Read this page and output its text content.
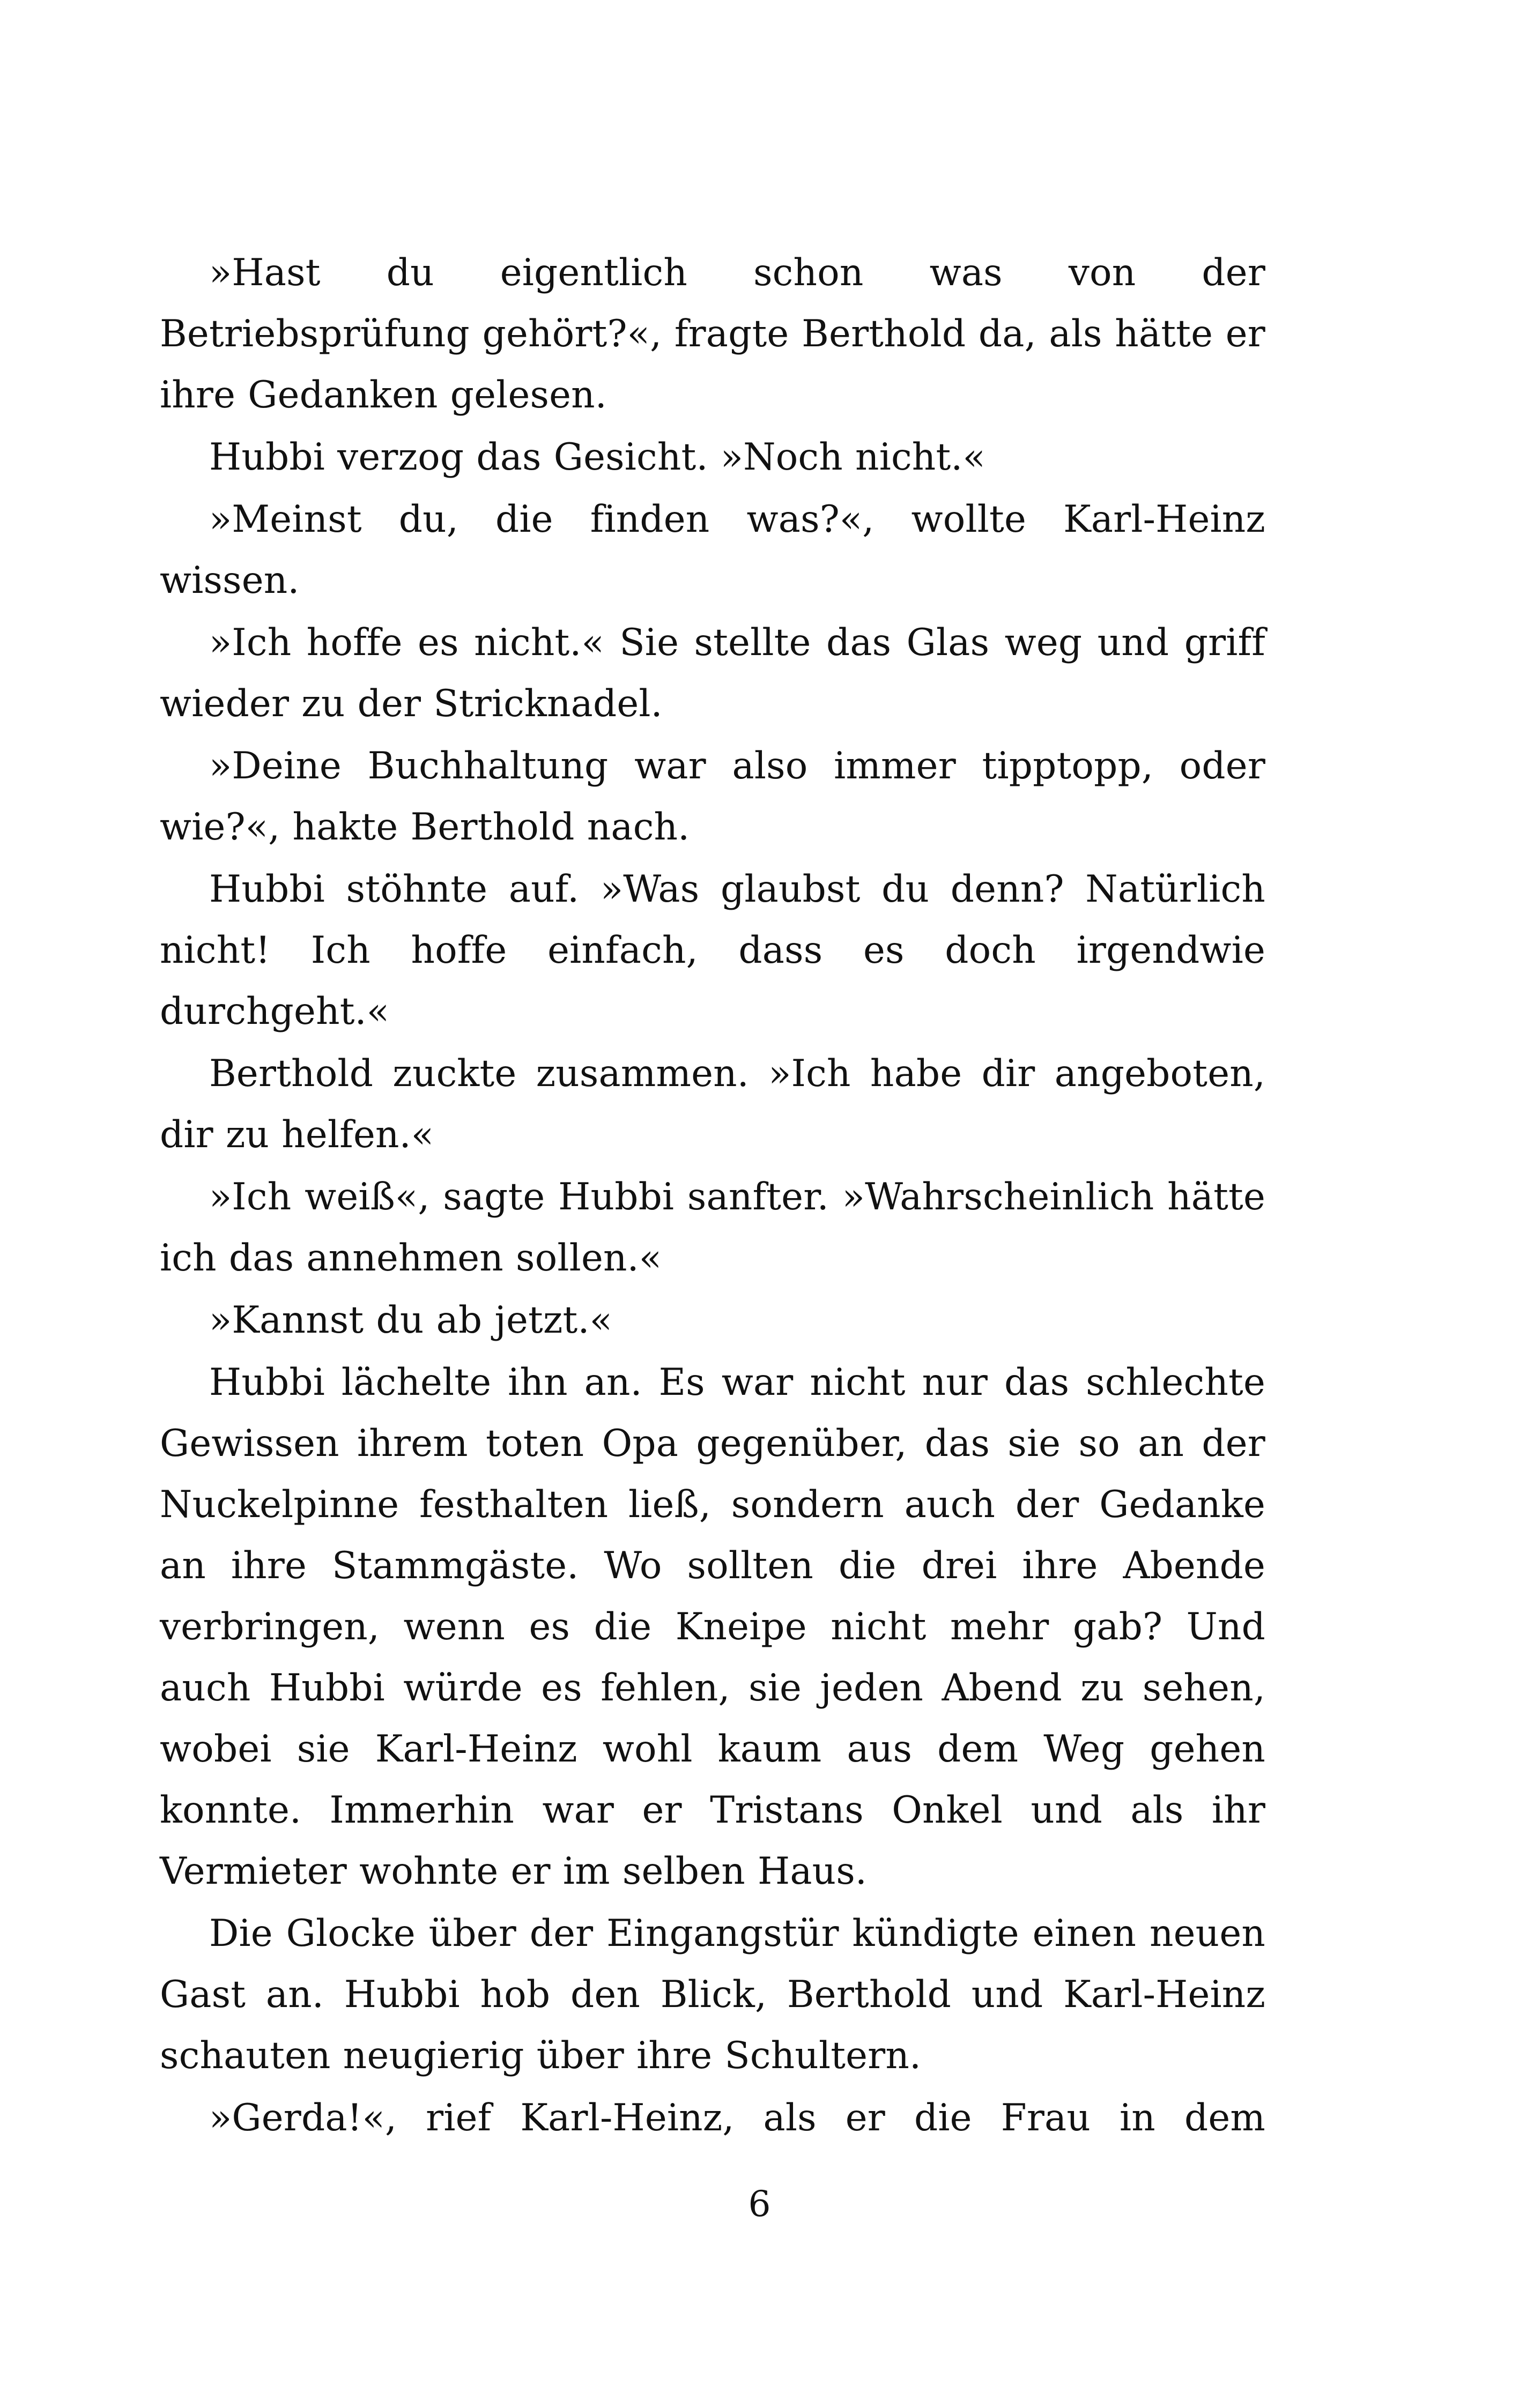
»Hast du eigentlich schon was von der Betriebsprüfung gehört?«, fragte Berthold da, als hätte er ihre Gedanken gelesen.

Hubbi verzog das Gesicht. »Noch nicht.«

»Meinst du, die finden was?«, wollte Karl-Heinz wissen.

»Ich hoffe es nicht.« Sie stellte das Glas weg und griff wieder zu der Stricknadel.

»Deine Buchhaltung war also immer tipptopp, oder wie?«, hakte Berthold nach.

Hubbi stöhnte auf. »Was glaubst du denn? Natürlich nicht! Ich hoffe einfach, dass es doch irgendwie durchgeht.«

Berthold zuckte zusammen. »Ich habe dir angeboten, dir zu helfen.«

»Ich weiß«, sagte Hubbi sanfter. »Wahrscheinlich hätte ich das annehmen sollen.«

»Kannst du ab jetzt.«

Hubbi lächelte ihn an. Es war nicht nur das schlechte Gewissen ihrem toten Opa gegenüber, das sie so an der Nuckelpinne festhalten ließ, sondern auch der Gedanke an ihre Stammgäste. Wo sollten die drei ihre Abende verbringen, wenn es die Kneipe nicht mehr gab? Und auch Hubbi würde es fehlen, sie jeden Abend zu sehen, wobei sie Karl-Heinz wohl kaum aus dem Weg gehen konnte. Immerhin war er Tristans Onkel und als ihr Vermieter wohnte er im selben Haus.

Die Glocke über der Eingangstür kündigte einen neuen Gast an. Hubbi hob den Blick, Berthold und Karl-Heinz schauten neugierig über ihre Schultern.

»Gerda!«, rief Karl-Heinz, als er die Frau in dem

6
